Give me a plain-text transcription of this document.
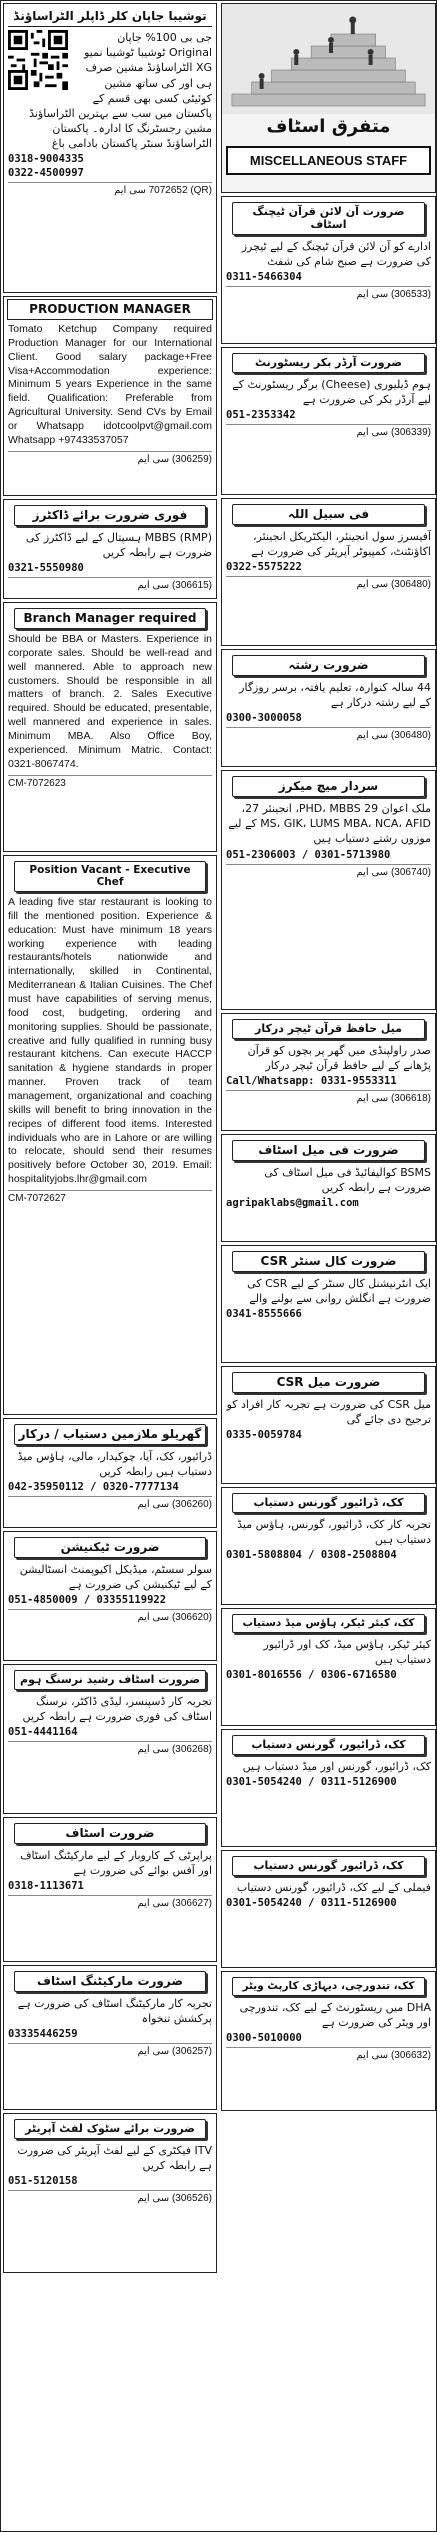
توشیبا جاپان کلر ڈاپلر الٹراساؤنڈ
جی بی 100% جاپان Original ٹوشیبا ٹوشیبا نمیو XG الٹراساؤنڈ مشین صرف ہی اور کی ساتھ مشین کوئیٹی کسی بھی قسم کے پاکستان میں سب سے بہترین الٹراساؤنڈ مشین رجسٹرنگ کا ادارہ۔ پاکستان الٹراساؤنڈ سنٹر پاکستان بادامی باغ
0318-9004335
0322-4500997
(QR) 7072652 سی ایم
PRODUCTION MANAGER
Tomato Ketchup Company required Production Manager for our International Client. Good salary package+Free Visa+Accommodation experience: Minimum 5 years Experience in the same field. Qualification: Preferable from Agricultural University. Send CVs by Email or Whatsapp idotcoolpvt@gmail.com Whatsapp +97433537057
(306259) سی ایم
فوری ضرورت برائے ڈاکٹرز
(RMP) MBBS ہسپتال کے لیے ڈاکٹرز کی ضرورت ہے رابطہ کریں
0321-5550980
(306615) سی ایم
Branch Manager required
Should be BBA or Masters. Experience in corporate sales. Should be well-read and well mannered. Able to approach new customers. Should be responsible in all matters of branch. 2. Sales Executive required. Should be educated, presentable, well mannered and experience in sales. Minimum MBA. Also Office Boy, experienced. Minimum Matric. Contact: 0321-8067474.
CM-7072623
Position Vacant - Executive Chef
A leading five star restaurant is looking to fill the mentioned position. Experience & education: Must have minimum 18 years working experience with leading restaurants/hotels nationwide and internationally, skilled in Continental, Mediterranean & Italian Cuisines. The Chef must have capabilities of serving menus, food cost, budgeting, ordering and monitoring supplies. Should be passionate, creative and fully qualified in running busy restaurant kitchens. Can execute HACCP sanitation & hygiene standards in proper manner. Proven track of team management, organizational and coaching skills will benefit to bring innovation in the recipes of different food items. Interested individuals who are in Lahore or are willing to relocate, should send their resumes positively before October 30, 2019. Email: hospitalityjobs.lhr@gmail.com
CM-7072627
گھریلو ملازمین دستیاب / درکار
ڈرائیور، کک، آیا، چوکیدار، مالی، ہاؤس میڈ دستیاب ہیں رابطہ کریں
042-35950112 / 0320-7777134
(306260) سی ایم
ضرورت ٹیکنیشن
سولر سسٹم، میڈیکل اکیوپمنٹ انسٹالیشن کے لیے ٹیکنیشن کی ضرورت ہے
051-4850009 / 03355119922
(306620) سی ایم
ضرورت اسٹاف رشید نرسنگ ہوم
تجربہ کار ڈسپنسر، لیڈی ڈاکٹر، نرسنگ اسٹاف کی فوری ضرورت ہے رابطہ کریں
051-4441164
(306268) سی ایم
ضرورت اسٹاف
پراپرٹی کے کاروبار کے لیے مارکیٹنگ اسٹاف اور آفس بوائے کی ضرورت ہے
0318-1113671
(306627) سی ایم
ضرورت مارکیٹنگ اسٹاف
تجربہ کار مارکیٹنگ اسٹاف کی ضرورت ہے پرکشش تنخواہ
03335446259
(306257) سی ایم
ضرورت برائے سٹوک لفٹ آپریٹر
ITV فیکٹری کے لیے لفٹ آپریٹر کی ضرورت ہے رابطہ کریں
051-5120158
(306526) سی ایم
متفرق اسٹاف
MISCELLANEOUS STAFF
ضرورت آن لائن قرآن ٹیچنگ اسٹاف
ادارے کو آن لائن قرآن ٹیچنگ کے لیے ٹیچرز کی ضرورت ہے صبح شام کی شفٹ
0311-5466304
(306533) سی ایم
ضرورت آرڈر بکر ریسٹورنٹ
ہوم ڈیلیوری (Cheese) برگر ریسٹورنٹ کے لیے آرڈر بکر کی ضرورت ہے
051-2353342
(306339) سی ایم
فی سبیل اللہ
آفیسرز سول انجینئر، الیکٹریکل انجینئر، اکاؤنٹنٹ، کمپیوٹر آپریٹر کی ضرورت ہے
0322-5575222
(306480) سی ایم
ضرورت رشتہ
44 سالہ کنوارہ، تعلیم یافتہ، برسر روزگار کے لیے رشتہ درکار ہے
0300-3000058
(306480) سی ایم
سردار میچ میکرز
ملک اعوان PHD، MBBS 29، انجینئر 27، MS، GIK، LUMS MBA، NCA، AFID کے لیے موزوں رشتے دستیاب ہیں
051-2306003 / 0301-5713980
(306740) سی ایم
میل حافظ قرآن ٹیچر درکار
صدر راولپنڈی میں گھر پر بچوں کو قرآن پڑھانے کے لیے حافظ قرآن ٹیچر درکار
Call/Whatsapp: 0331-9553311
(306618) سی ایم
ضرورت فی میل اسٹاف
BSMS کوالیفائیڈ فی میل اسٹاف کی ضرورت ہے رابطہ کریں
agripaklabs@gmail.com
ضرورت کال سنٹر CSR
ایک انٹرنیشنل کال سنٹر کے لیے CSR کی ضرورت ہے انگلش روانی سے بولنے والے
0341-8555666
ضرورت میل CSR
میل CSR کی ضرورت ہے تجربہ کار افراد کو ترجیح دی جائے گی
0335-0059784
کک، ڈرائیور گورنس دستیاب
تجربہ کار کک، ڈرائیور، گورنس، ہاؤس میڈ دستیاب ہیں
0301-5808804 / 0308-2508804
کک، کیئر ٹیکر، ہاؤس میڈ دستیاب
کیئر ٹیکر، ہاؤس میڈ، کک اور ڈرائیور دستیاب ہیں
0301-8016556 / 0306-6716580
کک، ڈرائیور، گورنس دستیاب
کک، ڈرائیور، گورنس اور میڈ دستیاب ہیں
0301-5054240 / 0311-5126900
کک، ڈرائیور گورنس دستیاب
فیملی کے لیے کک، ڈرائیور، گورنس دستیاب
0301-5054240 / 0311-5126900
کک، تندورچی، دیہاڑی کارپٹ ویٹر
DHA میں ریسٹورنٹ کے لیے کک، تندورچی اور ویٹر کی ضرورت ہے
0300-5010000
(306632) سی ایم
